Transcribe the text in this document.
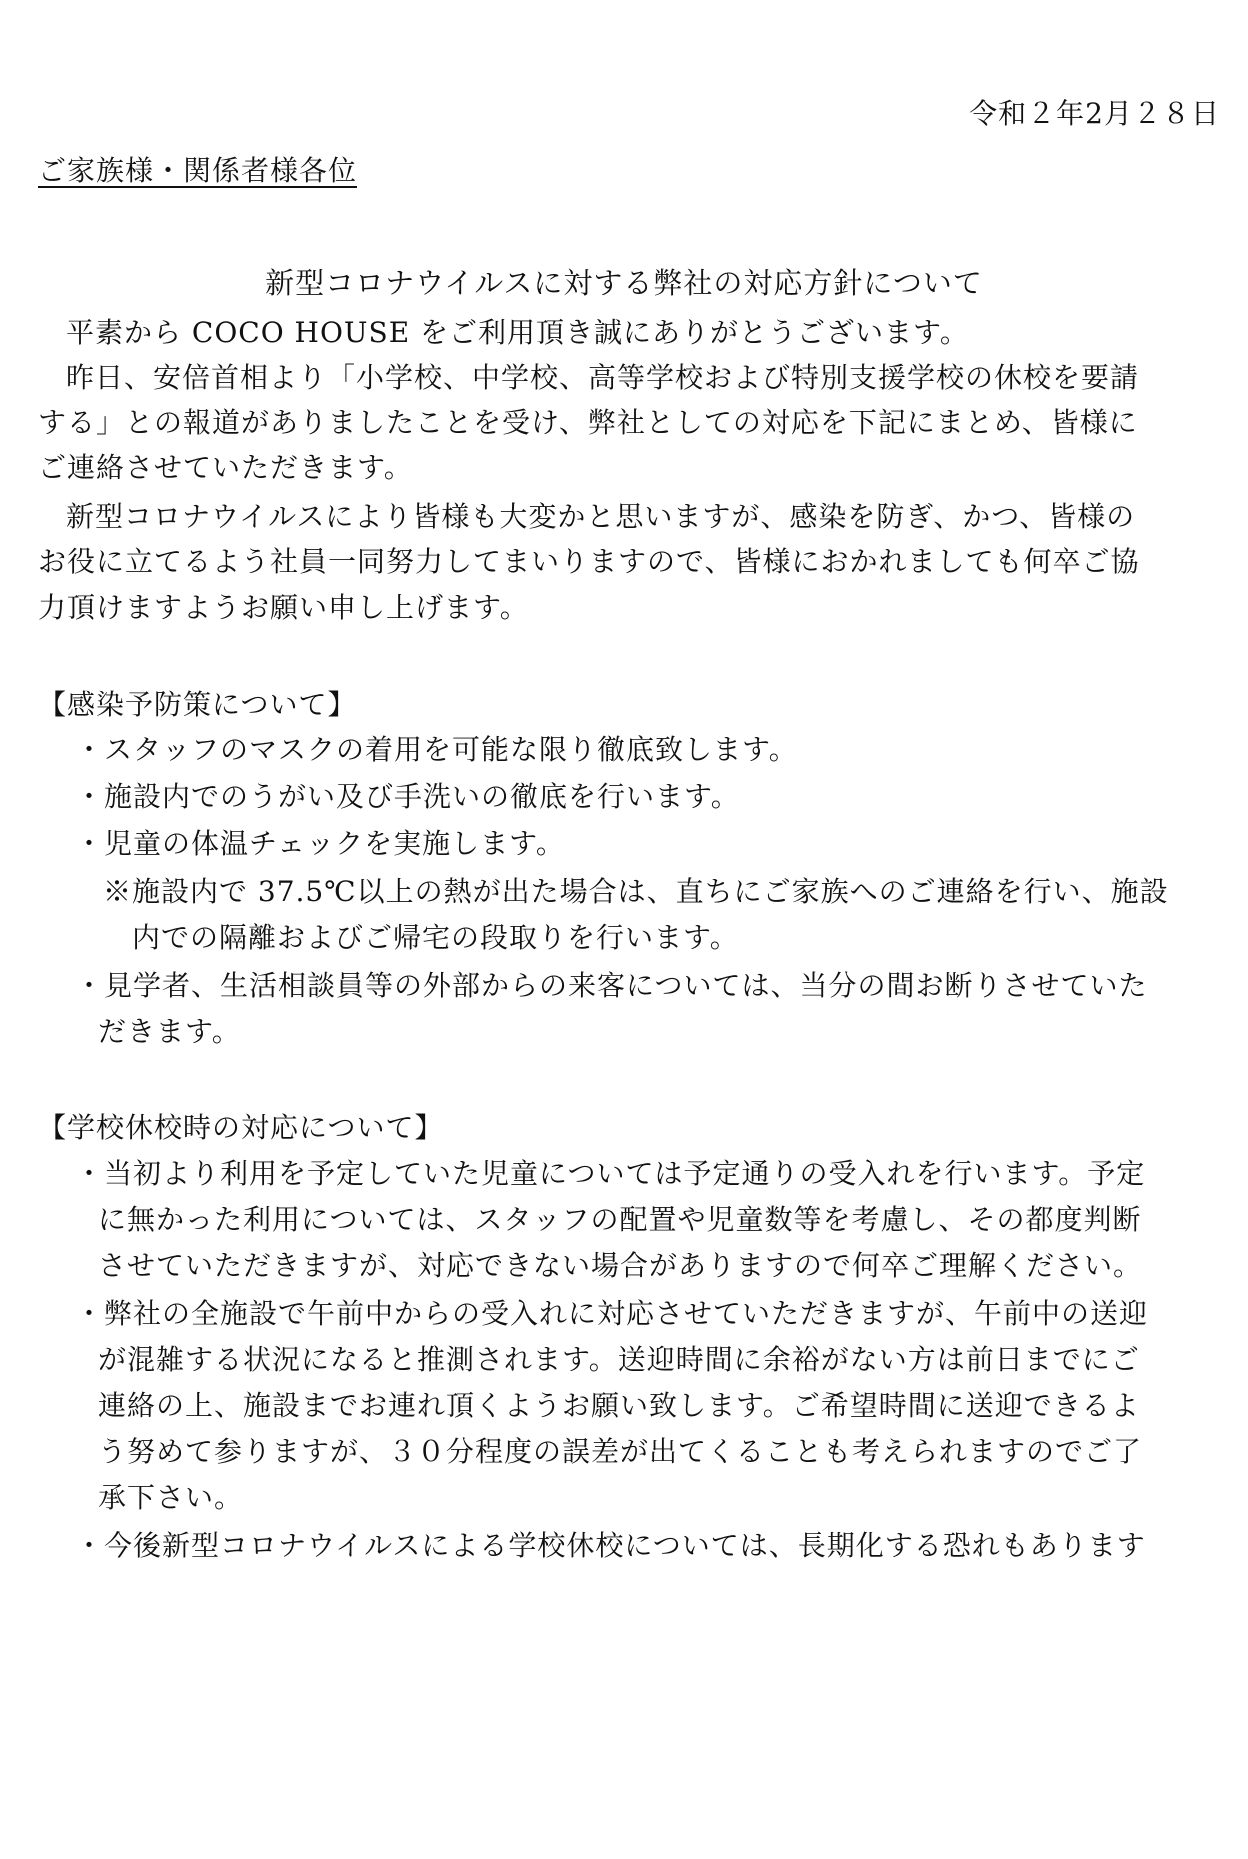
令和２年2月２８日
ご家族様・関係者様各位
新型コロナウイルスに対する弊社の対応方針について
平素から COCO HOUSE をご利用頂き誠にありがとうございます。
昨日、安倍首相より「小学校、中学校、高等学校および特別支援学校の休校を要請
する」との報道がありましたことを受け、弊社としての対応を下記にまとめ、皆様に
ご連絡させていただきます。
新型コロナウイルスにより皆様も大変かと思いますが、感染を防ぎ、かつ、皆様の
お役に立てるよう社員一同努力してまいりますので、皆様におかれましても何卒ご協
力頂けますようお願い申し上げます。
【感染予防策について】
・スタッフのマスクの着用を可能な限り徹底致します。
・施設内でのうがい及び手洗いの徹底を行います。
・児童の体温チェックを実施します。
※施設内で 37.5℃以上の熱が出た場合は、直ちにご家族へのご連絡を行い、施設
内での隔離およびご帰宅の段取りを行います。
・見学者、生活相談員等の外部からの来客については、当分の間お断りさせていた
だきます。
【学校休校時の対応について】
・当初より利用を予定していた児童については予定通りの受入れを行います。予定
に無かった利用については、スタッフの配置や児童数等を考慮し、その都度判断
させていただきますが、対応できない場合がありますので何卒ご理解ください。
・弊社の全施設で午前中からの受入れに対応させていただきますが、午前中の送迎
が混雑する状況になると推測されます。送迎時間に余裕がない方は前日までにご
連絡の上、施設までお連れ頂くようお願い致します。ご希望時間に送迎できるよ
う努めて参りますが、３０分程度の誤差が出てくることも考えられますのでご了
承下さい。
・今後新型コロナウイルスによる学校休校については、長期化する恐れもあります
